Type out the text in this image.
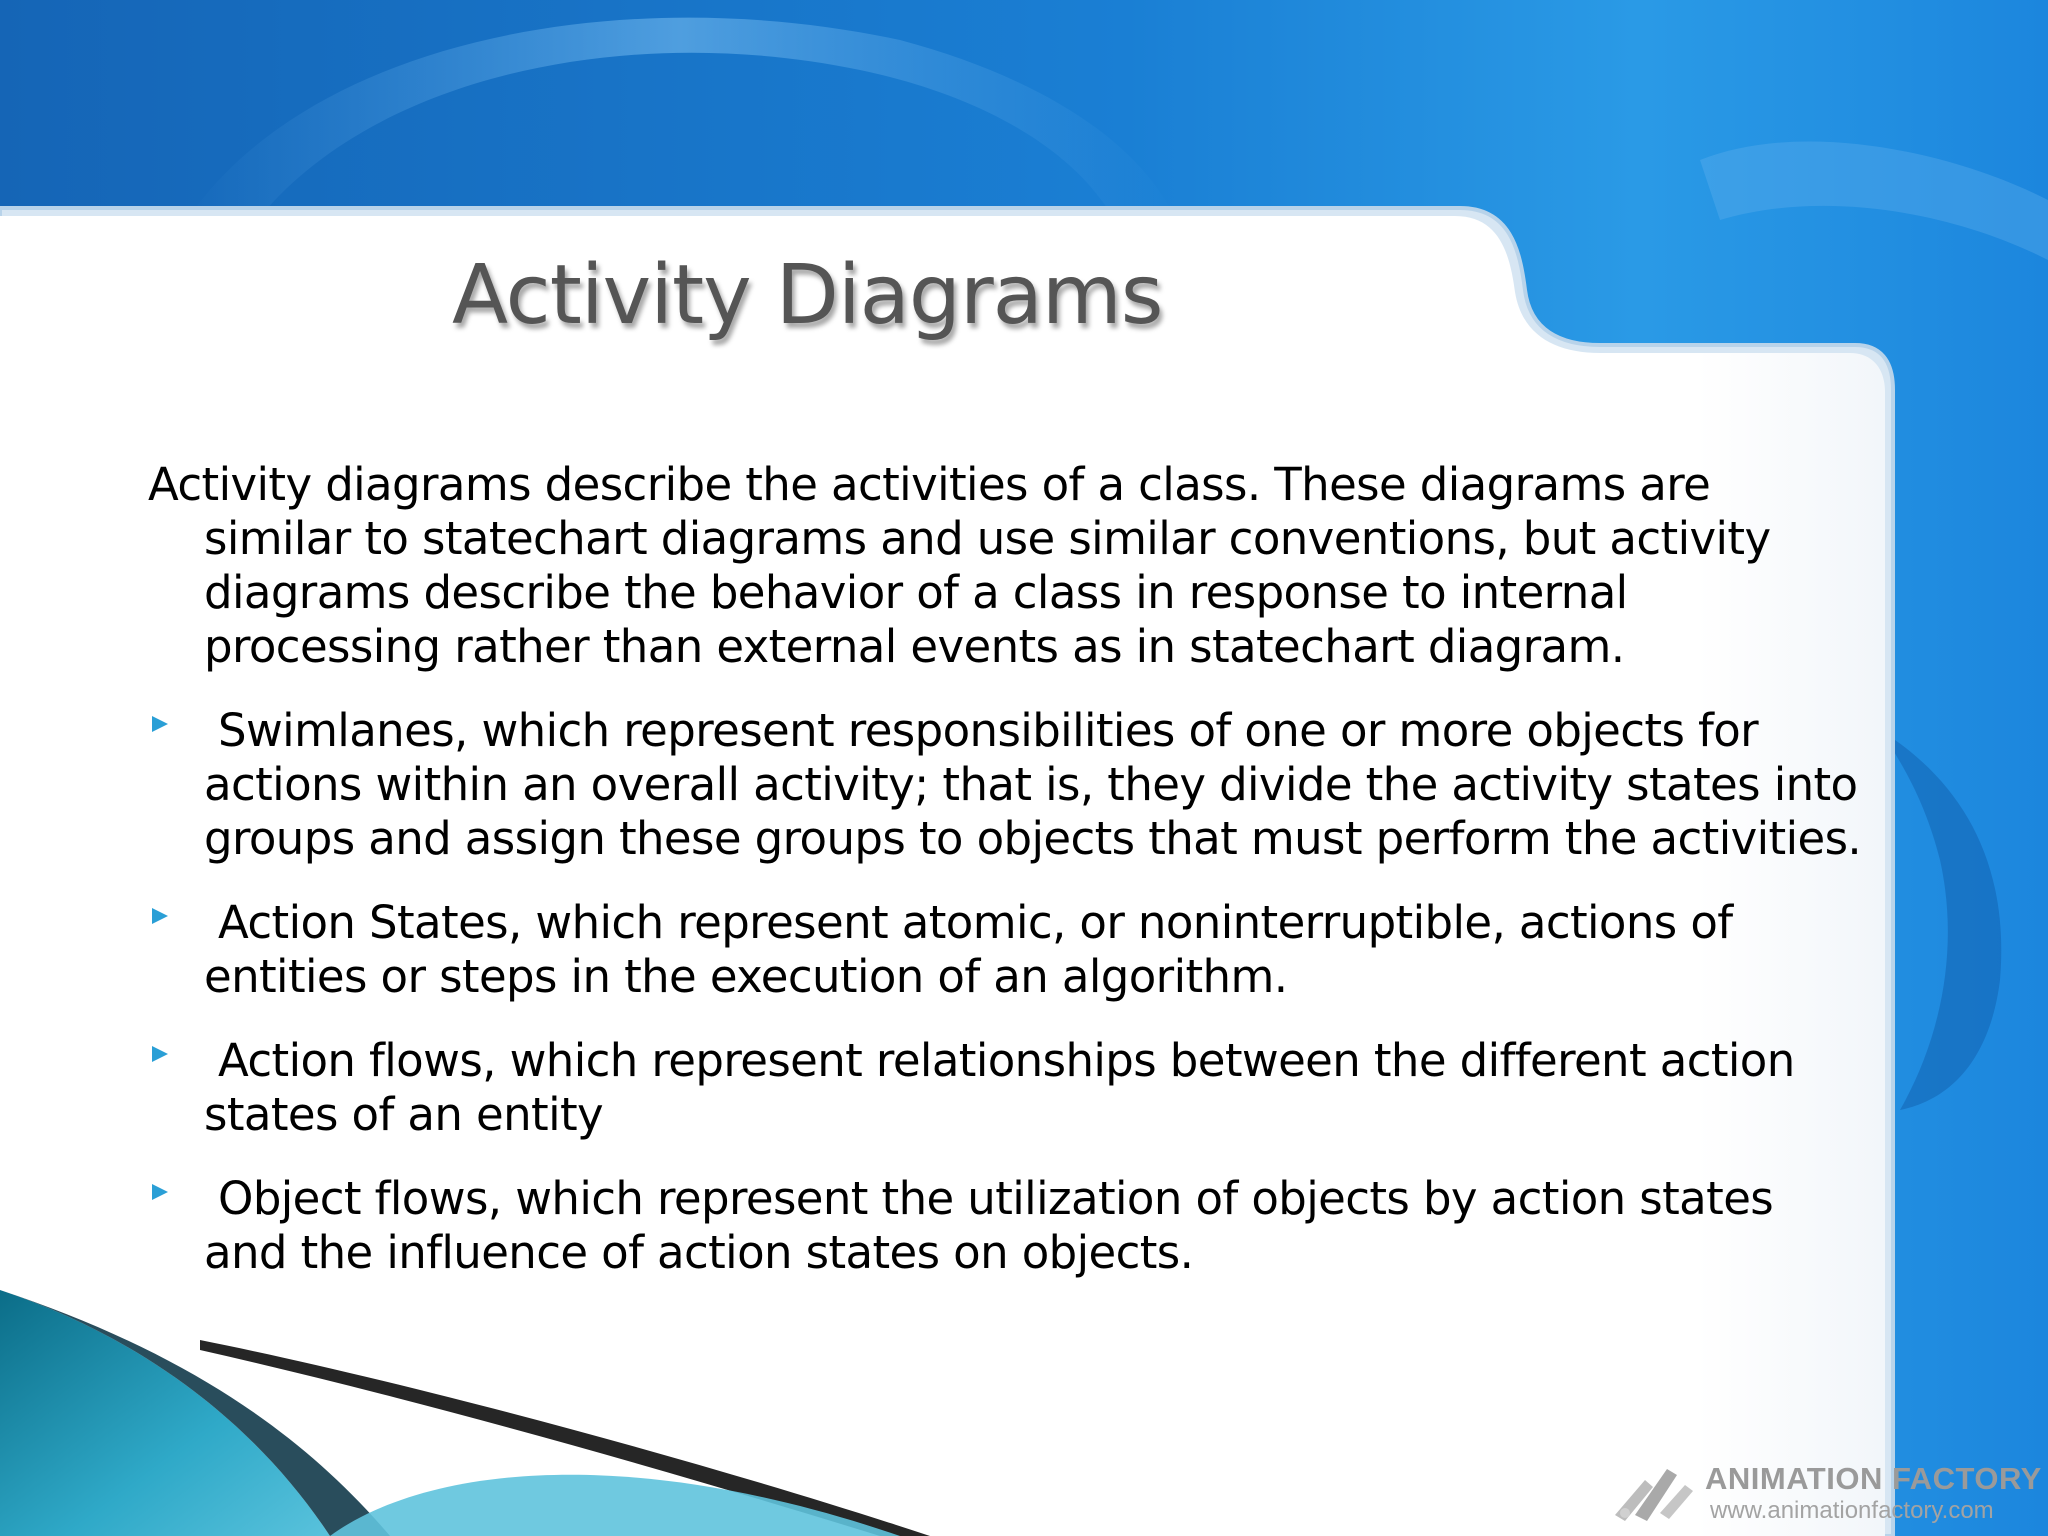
Activity Diagrams

Activity diagrams describe the activities of a class. These diagrams are similar to statechart diagrams and use similar conventions, but activity diagrams describe the behavior of a class in response to internal processing rather than external events as in statechart diagram.

Swimlanes, which represent responsibilities of one or more objects for actions within an overall activity; that is, they divide the activity states into groups and assign these groups to objects that must perform the activities.
Action States, which represent atomic, or noninterruptible, actions of entities or steps in the execution of an algorithm.
Action flows, which represent relationships between the different action states of an entity
Object flows, which represent the utilization of objects by action states and the influence of action states on objects.
ANIMATION FACTORY
www.animationfactory.com
